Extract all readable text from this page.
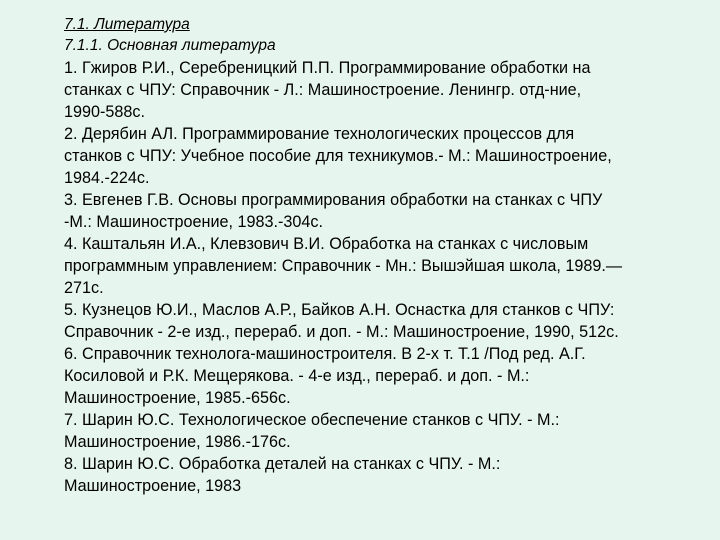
7.1. Литература
7.1.1. Основная литература
1. Гжиров Р.И., Серебреницкий П.П. Программирование обработки на
станках с ЧПУ: Справочник - Л.: Машиностроение. Ленингр. отд-ние,
1990-588с.
2. Дерябин АЛ. Программирование технологических процессов для
станков с ЧПУ: Учебное пособие для техникумов.- М.: Машиностроение,
1984.-224с.
3. Евгенев Г.В. Основы программирования обработки на станках с ЧПУ
-М.: Машиностроение, 1983.-304с.
4. Каштальян И.А., Клевзович В.И. Обработка на станках с числовым
программным управлением: Справочник - Мн.: Вышэйшая школа, 1989.—
271с.
5. Кузнецов Ю.И., Маслов А.Р., Байков А.Н. Оснастка для станков с ЧПУ:
Справочник - 2-е изд., перераб. и доп. - М.: Машиностроение, 1990, 512с.
6. Справочник технолога-машиностроителя. В 2-х т. Т.1 /Под ред. А.Г.
Косиловой и Р.К. Мещерякова. - 4-е изд., перераб. и доп. - М.:
Машиностроение, 1985.-656с.
7. Шарин Ю.С. Технологическое обеспечение станков с ЧПУ. - М.:
Машиностроение, 1986.-176с.
8. Шарин Ю.С. Обработка деталей на станках с ЧПУ. - М.:
Машиностроение, 1983
